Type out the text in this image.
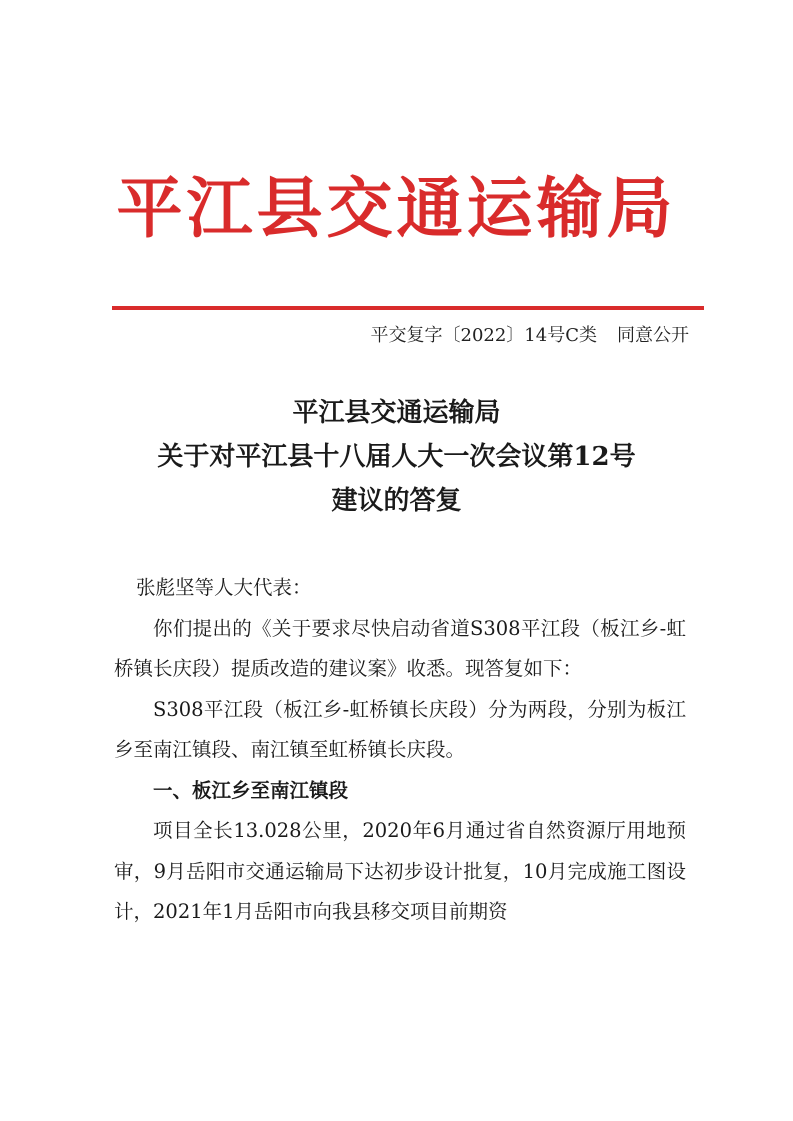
平江县交通运输局
平交复字〔2022〕14号C类 同意公开
平江县交通运输局
关于对平江县十八届人大一次会议第12号
建议的答复

张彪坚等人大代表：

你们提出的《关于要求尽快启动省道S308平江段（板江乡-虹桥镇长庆段）提质改造的建议案》收悉。现答复如下：

S308平江段（板江乡-虹桥镇长庆段）分为两段，分别为板江乡至南江镇段、南江镇至虹桥镇长庆段。

一、板江乡至南江镇段

项目全长13.028公里，2020年6月通过省自然资源厅用地预审，9月岳阳市交通运输局下达初步设计批复，10月完成施工图设计，2021年1月岳阳市向我县移交项目前期资
